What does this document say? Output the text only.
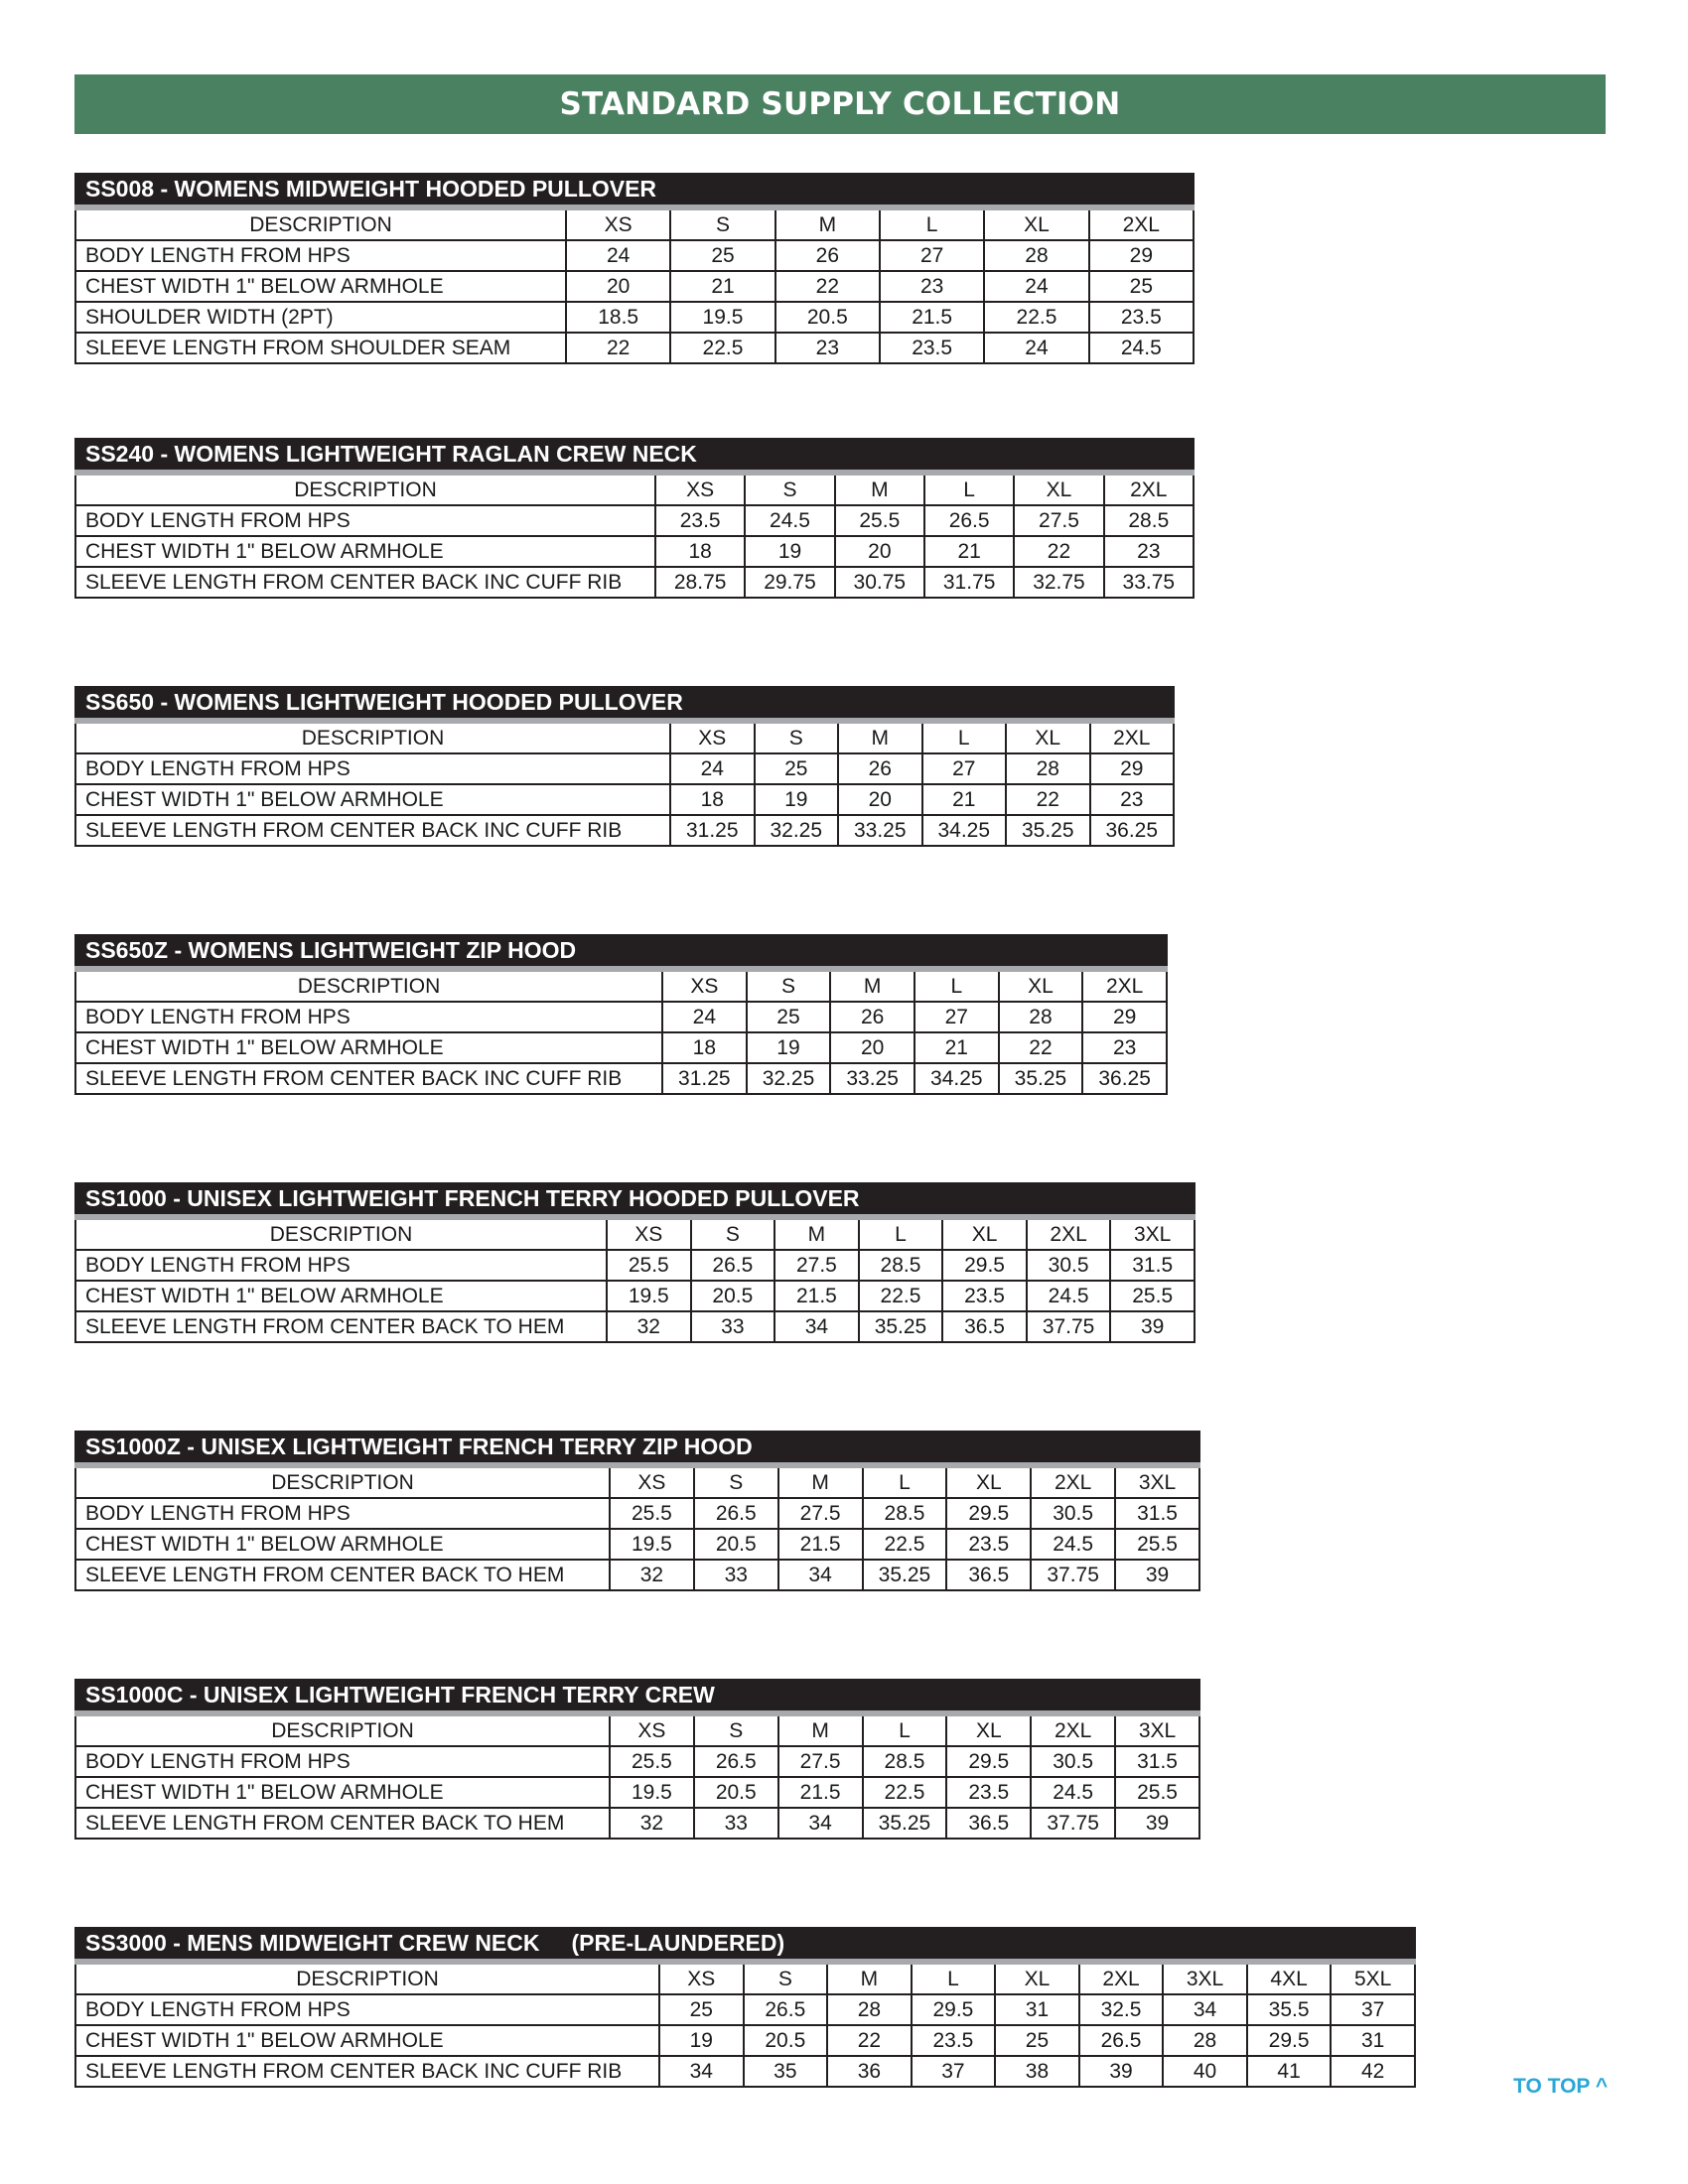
STANDARD SUPPLY COLLECTION
SS008 - WOMENS MIDWEIGHT HOODED PULLOVER
DESCRIPTION	XS	S	M	L	XL	2XL
BODY LENGTH FROM HPS	24	25	26	27	28	29
CHEST WIDTH 1" BELOW ARMHOLE	20	21	22	23	24	25
SHOULDER WIDTH (2PT)	18.5	19.5	20.5	21.5	22.5	23.5
SLEEVE LENGTH FROM SHOULDER SEAM	22	22.5	23	23.5	24	24.5
SS240 - WOMENS LIGHTWEIGHT RAGLAN CREW NECK
DESCRIPTION	XS	S	M	L	XL	2XL
BODY LENGTH FROM HPS	23.5	24.5	25.5	26.5	27.5	28.5
CHEST WIDTH 1" BELOW ARMHOLE	18	19	20	21	22	23
SLEEVE LENGTH FROM CENTER BACK INC CUFF RIB	28.75	29.75	30.75	31.75	32.75	33.75
SS650 - WOMENS LIGHTWEIGHT HOODED PULLOVER
DESCRIPTION	XS	S	M	L	XL	2XL
BODY LENGTH FROM HPS	24	25	26	27	28	29
CHEST WIDTH 1" BELOW ARMHOLE	18	19	20	21	22	23
SLEEVE LENGTH FROM CENTER BACK INC CUFF RIB	31.25	32.25	33.25	34.25	35.25	36.25
SS650Z - WOMENS LIGHTWEIGHT ZIP HOOD
DESCRIPTION	XS	S	M	L	XL	2XL
BODY LENGTH FROM HPS	24	25	26	27	28	29
CHEST WIDTH 1" BELOW ARMHOLE	18	19	20	21	22	23
SLEEVE LENGTH FROM CENTER BACK INC CUFF RIB	31.25	32.25	33.25	34.25	35.25	36.25
SS1000 - UNISEX LIGHTWEIGHT FRENCH TERRY HOODED PULLOVER
DESCRIPTION	XS	S	M	L	XL	2XL	3XL
BODY LENGTH FROM HPS	25.5	26.5	27.5	28.5	29.5	30.5	31.5
CHEST WIDTH 1" BELOW ARMHOLE	19.5	20.5	21.5	22.5	23.5	24.5	25.5
SLEEVE LENGTH FROM CENTER BACK TO HEM	32	33	34	35.25	36.5	37.75	39
SS1000Z - UNISEX LIGHTWEIGHT FRENCH TERRY ZIP HOOD
DESCRIPTION	XS	S	M	L	XL	2XL	3XL
BODY LENGTH FROM HPS	25.5	26.5	27.5	28.5	29.5	30.5	31.5
CHEST WIDTH 1" BELOW ARMHOLE	19.5	20.5	21.5	22.5	23.5	24.5	25.5
SLEEVE LENGTH FROM CENTER BACK TO HEM	32	33	34	35.25	36.5	37.75	39
SS1000C - UNISEX LIGHTWEIGHT FRENCH TERRY CREW
DESCRIPTION	XS	S	M	L	XL	2XL	3XL
BODY LENGTH FROM HPS	25.5	26.5	27.5	28.5	29.5	30.5	31.5
CHEST WIDTH 1" BELOW ARMHOLE	19.5	20.5	21.5	22.5	23.5	24.5	25.5
SLEEVE LENGTH FROM CENTER BACK TO HEM	32	33	34	35.25	36.5	37.75	39
SS3000 - MENS MIDWEIGHT CREW NECK (PRE-LAUNDERED)
DESCRIPTION	XS	S	M	L	XL	2XL	3XL	4XL	5XL
BODY LENGTH FROM HPS	25	26.5	28	29.5	31	32.5	34	35.5	37
CHEST WIDTH 1" BELOW ARMHOLE	19	20.5	22	23.5	25	26.5	28	29.5	31
SLEEVE LENGTH FROM CENTER BACK INC CUFF RIB	34	35	36	37	38	39	40	41	42
TO TOP ^
